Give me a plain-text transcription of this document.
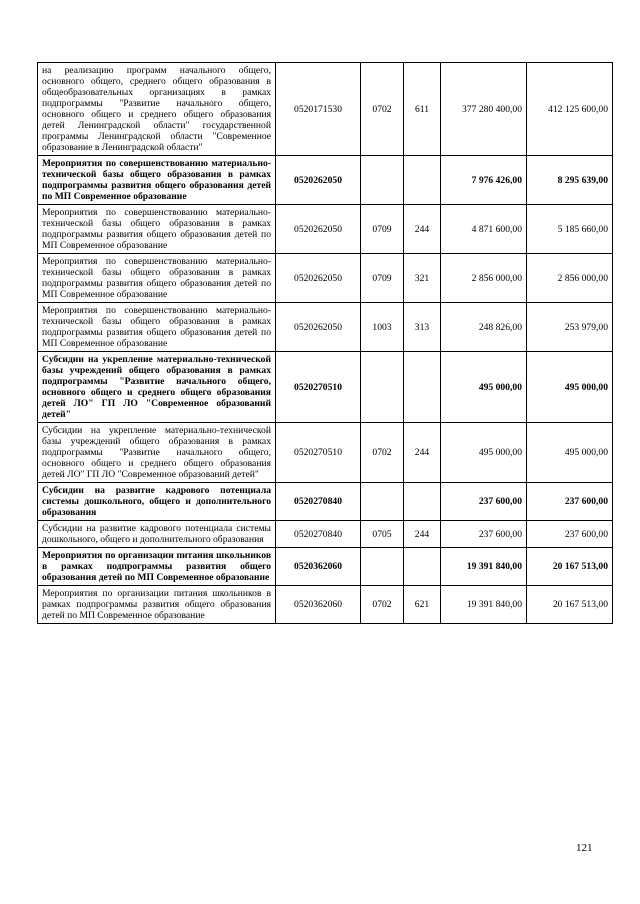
на реализацию программ начального общего, основного общего, среднего общего образования в общеобразовательных организациях в рамках подпрограммы "Развитие начального общего, основного общего и среднего общего образования детей Ленинградской области" государственной программы Ленинградской области "Современное образование в Ленинградской области"	0520171530	0702	611	377 280 400,00	412 125 600,00
Мероприятия по совершенствованию материально-технической базы общего образования в рамках подпрограммы развития общего образования детей по МП Современное образование	0520262050			7 976 426,00	8 295 639,00
Мероприятия по совершенствованию материально-технической базы общего образования в рамках подпрограммы развития общего образования детей по МП Современное образование	0520262050	0709	244	4 871 600,00	5 185 660,00
Мероприятия по совершенствованию материально-технической базы общего образования в рамках подпрограммы развития общего образования детей по МП Современное образование	0520262050	0709	321	2 856 000,00	2 856 000,00
Мероприятия по совершенствованию материально-технической базы общего образования в рамках подпрограммы развития общего образования детей по МП Современное образование	0520262050	1003	313	248 826,00	253 979,00
Субсидии на укрепление материально-технической базы учреждений общего образования в рамках подпрограммы "Развитие начального общего, основного общего и среднего общего образования детей ЛО" ГП ЛО "Современное образований детей"	0520270510			495 000,00	495 000,00
Субсидии на укрепление материально-технической базы учреждений общего образования в рамках подпрограммы "Развитие начального общего, основного общего и среднего общего образования детей ЛО" ГП ЛО "Современное образований детей"	0520270510	0702	244	495 000,00	495 000,00
Субсидии на развитие кадрового потенциала системы дошкольного, общего и дополнительного образования	0520270840			237 600,00	237 600,00
Субсидии на развитие кадрового потенциала системы дошкольного, общего и дополнительного образования	0520270840	0705	244	237 600,00	237 600,00
Мероприятия по организации питания школьников в рамках подпрограммы развития общего образования детей по МП Современное образование	0520362060			19 391 840,00	20 167 513,00
Мероприятия по организации питания школьников в рамках подпрограммы развития общего образования детей по МП Современное образование	0520362060	0702	621	19 391 840,00	20 167 513,00
121
